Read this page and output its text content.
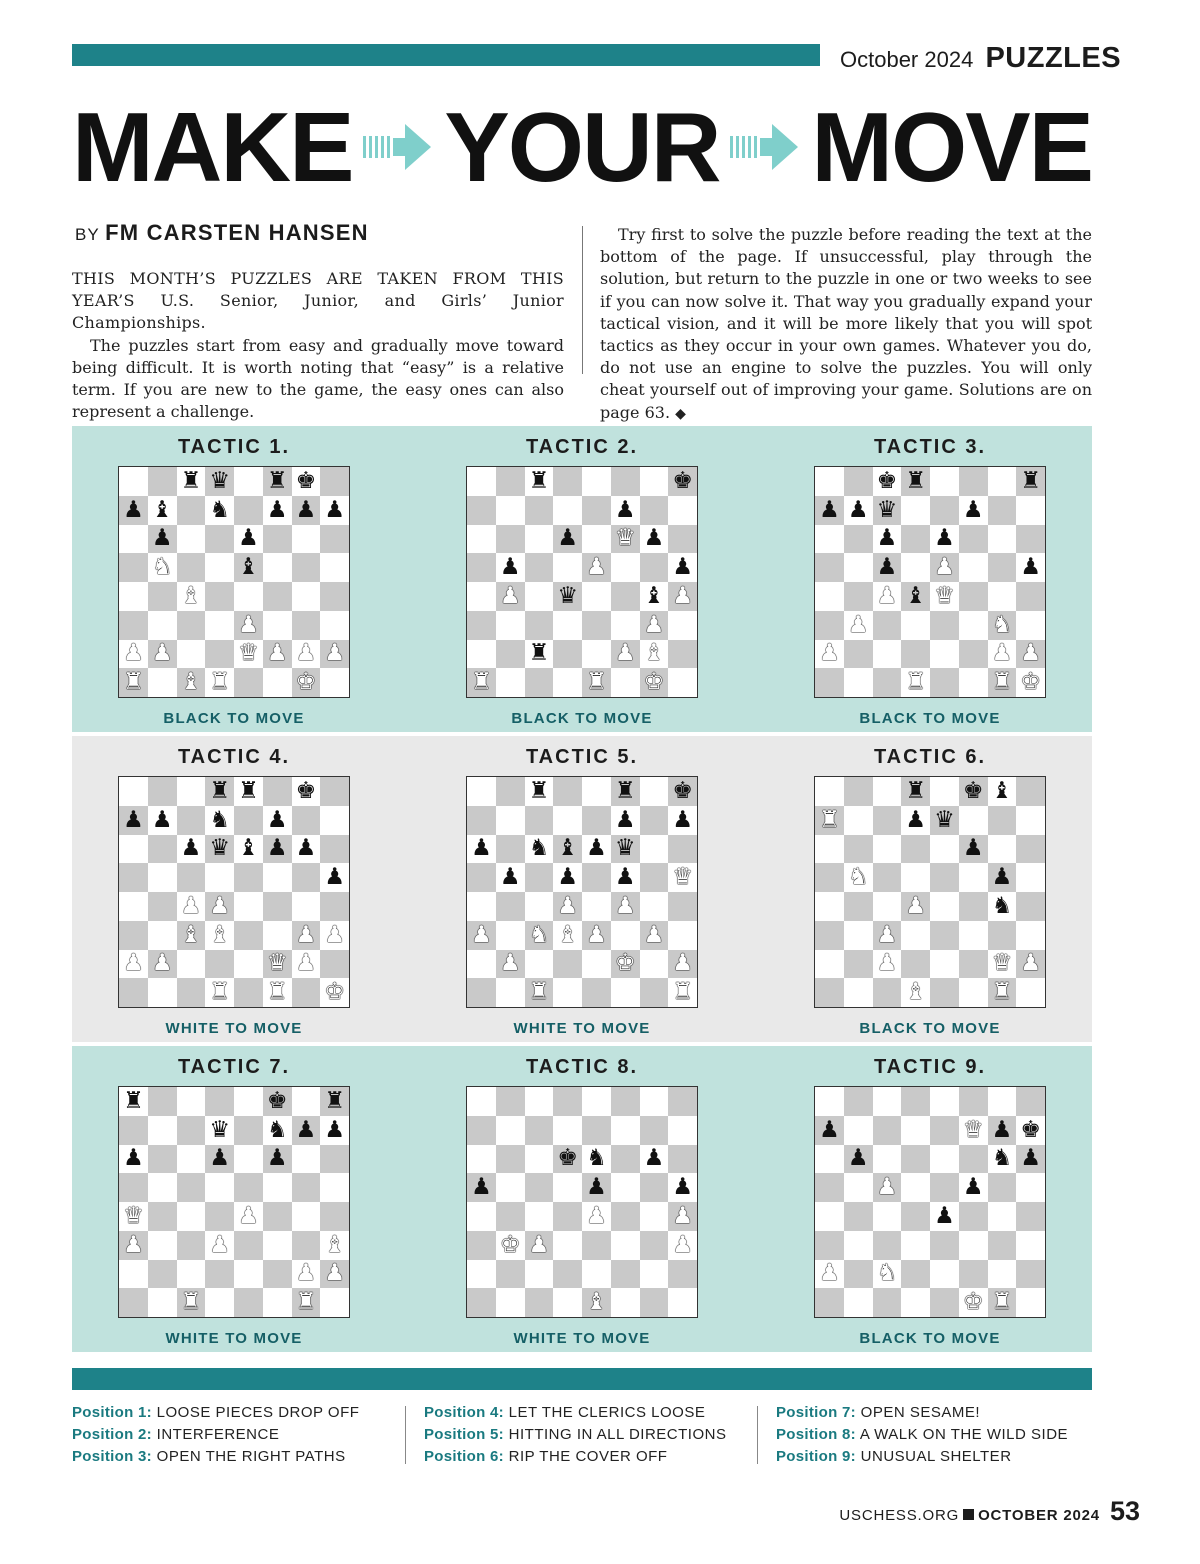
October 2024 PUZZLES
MAKE YOUR MOVE
BY FM CARSTEN HANSEN

THIS MONTH’S PUZZLES ARE TAKEN FROM THIS YEAR’S U.S. Senior, Junior, and Girls’ Junior Championships.

The puzzles start from easy and gradually move toward being difficult. It is worth noting that “easy” is a relative term. If you are new to the game, the easy ones can also represent a challenge.

Try first to solve the puzzle before reading the text at the bottom of the page. If unsuccessful, play through the solution, but return to the puzzle in one or two weeks to see if you can now solve it. That way you gradually expand your tactical vision, and it will be more likely that you will spot tactics as they occur in your own games. Whatever you do, do not use an engine to solve the puzzles. You will only cheat yourself out of improving your game. Solutions are on page 63. ◆

TACTIC 1.
♜ ♛ ♜ ♚
♟ ♝ ♞ ♟ ♟ ♟
♟	♟
♞	♝
♝
♟
♟ ♟	♛ ♟ ♟ ♟
♜ ♝ ♜	♚
BLACK TO MOVE
TACTIC 2.
♜	♚
♟
♟ ♛ ♟
♟	♟	♟
♟ ♛	♝ ♟
♟
♜	♟ ♝
♜	♜ ♚
BLACK TO MOVE
TACTIC 3.
♚ ♜	♜
♟ ♟ ♛	♟
♟ ♟
♟ ♟	♟
♟ ♝ ♛
♟	♞
♟	♟ ♟
♜	♜ ♚
BLACK TO MOVE
TACTIC 4.
♜ ♜ ♚
♟ ♟ ♞ ♟
♟ ♛ ♝ ♟ ♟
♟
♟ ♟
♝ ♝	♟ ♟
♟ ♟	♛ ♟
♜ ♜ ♚
WHITE TO MOVE
TACTIC 5.
♜	♜ ♚
♟ ♟
♟ ♞ ♝ ♟ ♛
♟ ♟ ♟ ♛
♟ ♟
♟ ♞ ♝ ♟ ♟
♟	♚ ♟
♜	♜
WHITE TO MOVE
TACTIC 6.
♜ ♚ ♝
♜	♟ ♛
♟
♞	♟
♟	♞
♟
♟	♛ ♟
♝	♜
BLACK TO MOVE
TACTIC 7.
♜	♚ ♜
♛ ♞ ♟ ♟
♟	♟ ♟
♛	♟
♟	♟	♝
♟ ♟
♜	♜
WHITE TO MOVE
TACTIC 8.
♚ ♞ ♟
♟	♟	♟
♟	♟
♚ ♟	♟
♝
WHITE TO MOVE
TACTIC 9.
♟	♛ ♟ ♚
♟	♞ ♟
♟	♟
♟
♟ ♞
♚ ♜
BLACK TO MOVE
Position 1: LOOSE PIECES DROP OFF
Position 2: INTERFERENCE
Position 3: OPEN THE RIGHT PATHS
Position 4: LET THE CLERICS LOOSE
Position 5: HITTING IN ALL DIRECTIONS
Position 6: RIP THE COVER OFF
Position 7: OPEN SESAME!
Position 8: A WALK ON THE WILD SIDE
Position 9: UNUSUAL SHELTER
USCHESS.ORG OCTOBER 2024 53
